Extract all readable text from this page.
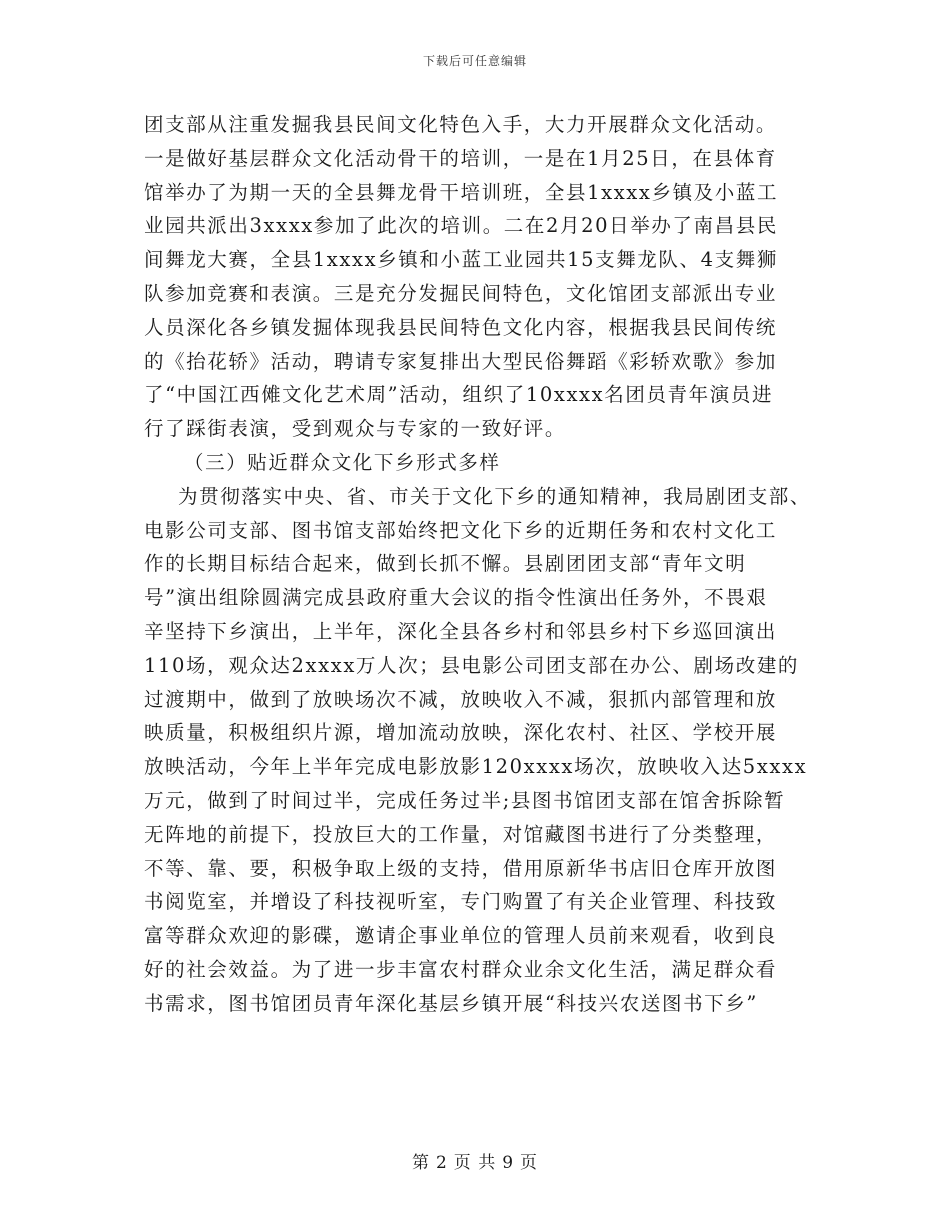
下载后可任意编辑
团支部从注重发掘我县民间文化特色入手，大力开展群众文化活动。
一是做好基层群众文化活动骨干的培训，一是在1月25日，在县体育
馆举办了为期一天的全县舞龙骨干培训班，全县1xxxx乡镇及小蓝工
业园共派出3xxxx参加了此次的培训。二在2月20日举办了南昌县民
间舞龙大赛，全县1xxxx乡镇和小蓝工业园共15支舞龙队、4支舞狮
队参加竞赛和表演。三是充分发掘民间特色，文化馆团支部派出专业
人员深化各乡镇发掘体现我县民间特色文化内容，根据我县民间传统
的《抬花轿》活动，聘请专家复排出大型民俗舞蹈《彩轿欢歌》参加
了“中国江西傩文化艺术周”活动，组织了10xxxx名团员青年演员进
行了踩街表演，受到观众与专家的一致好评。
（三）贴近群众文化下乡形式多样
为贯彻落实中央、省、市关于文化下乡的通知精神，我局剧团支部、
电影公司支部、图书馆支部始终把文化下乡的近期任务和农村文化工
作的长期目标结合起来，做到长抓不懈。县剧团团支部“青年文明
号”演出组除圆满完成县政府重大会议的指令性演出任务外，不畏艰
辛坚持下乡演出，上半年，深化全县各乡村和邻县乡村下乡巡回演出
110场，观众达2xxxx万人次；县电影公司团支部在办公、剧场改建的
过渡期中，做到了放映场次不减，放映收入不减，狠抓内部管理和放
映质量，积极组织片源，增加流动放映，深化农村、社区、学校开展
放映活动，今年上半年完成电影放影120xxxx场次，放映收入达5xxxx
万元，做到了时间过半，完成任务过半;县图书馆团支部在馆舍拆除暂
无阵地的前提下，投放巨大的工作量，对馆藏图书进行了分类整理，
不等、靠、要，积极争取上级的支持，借用原新华书店旧仓库开放图
书阅览室，并增设了科技视听室，专门购置了有关企业管理、科技致
富等群众欢迎的影碟，邀请企事业单位的管理人员前来观看，收到良
好的社会效益。为了进一步丰富农村群众业余文化生活，满足群众看
书需求，图书馆团员青年深化基层乡镇开展“科技兴农送图书下乡”
第 2 页 共 9 页
